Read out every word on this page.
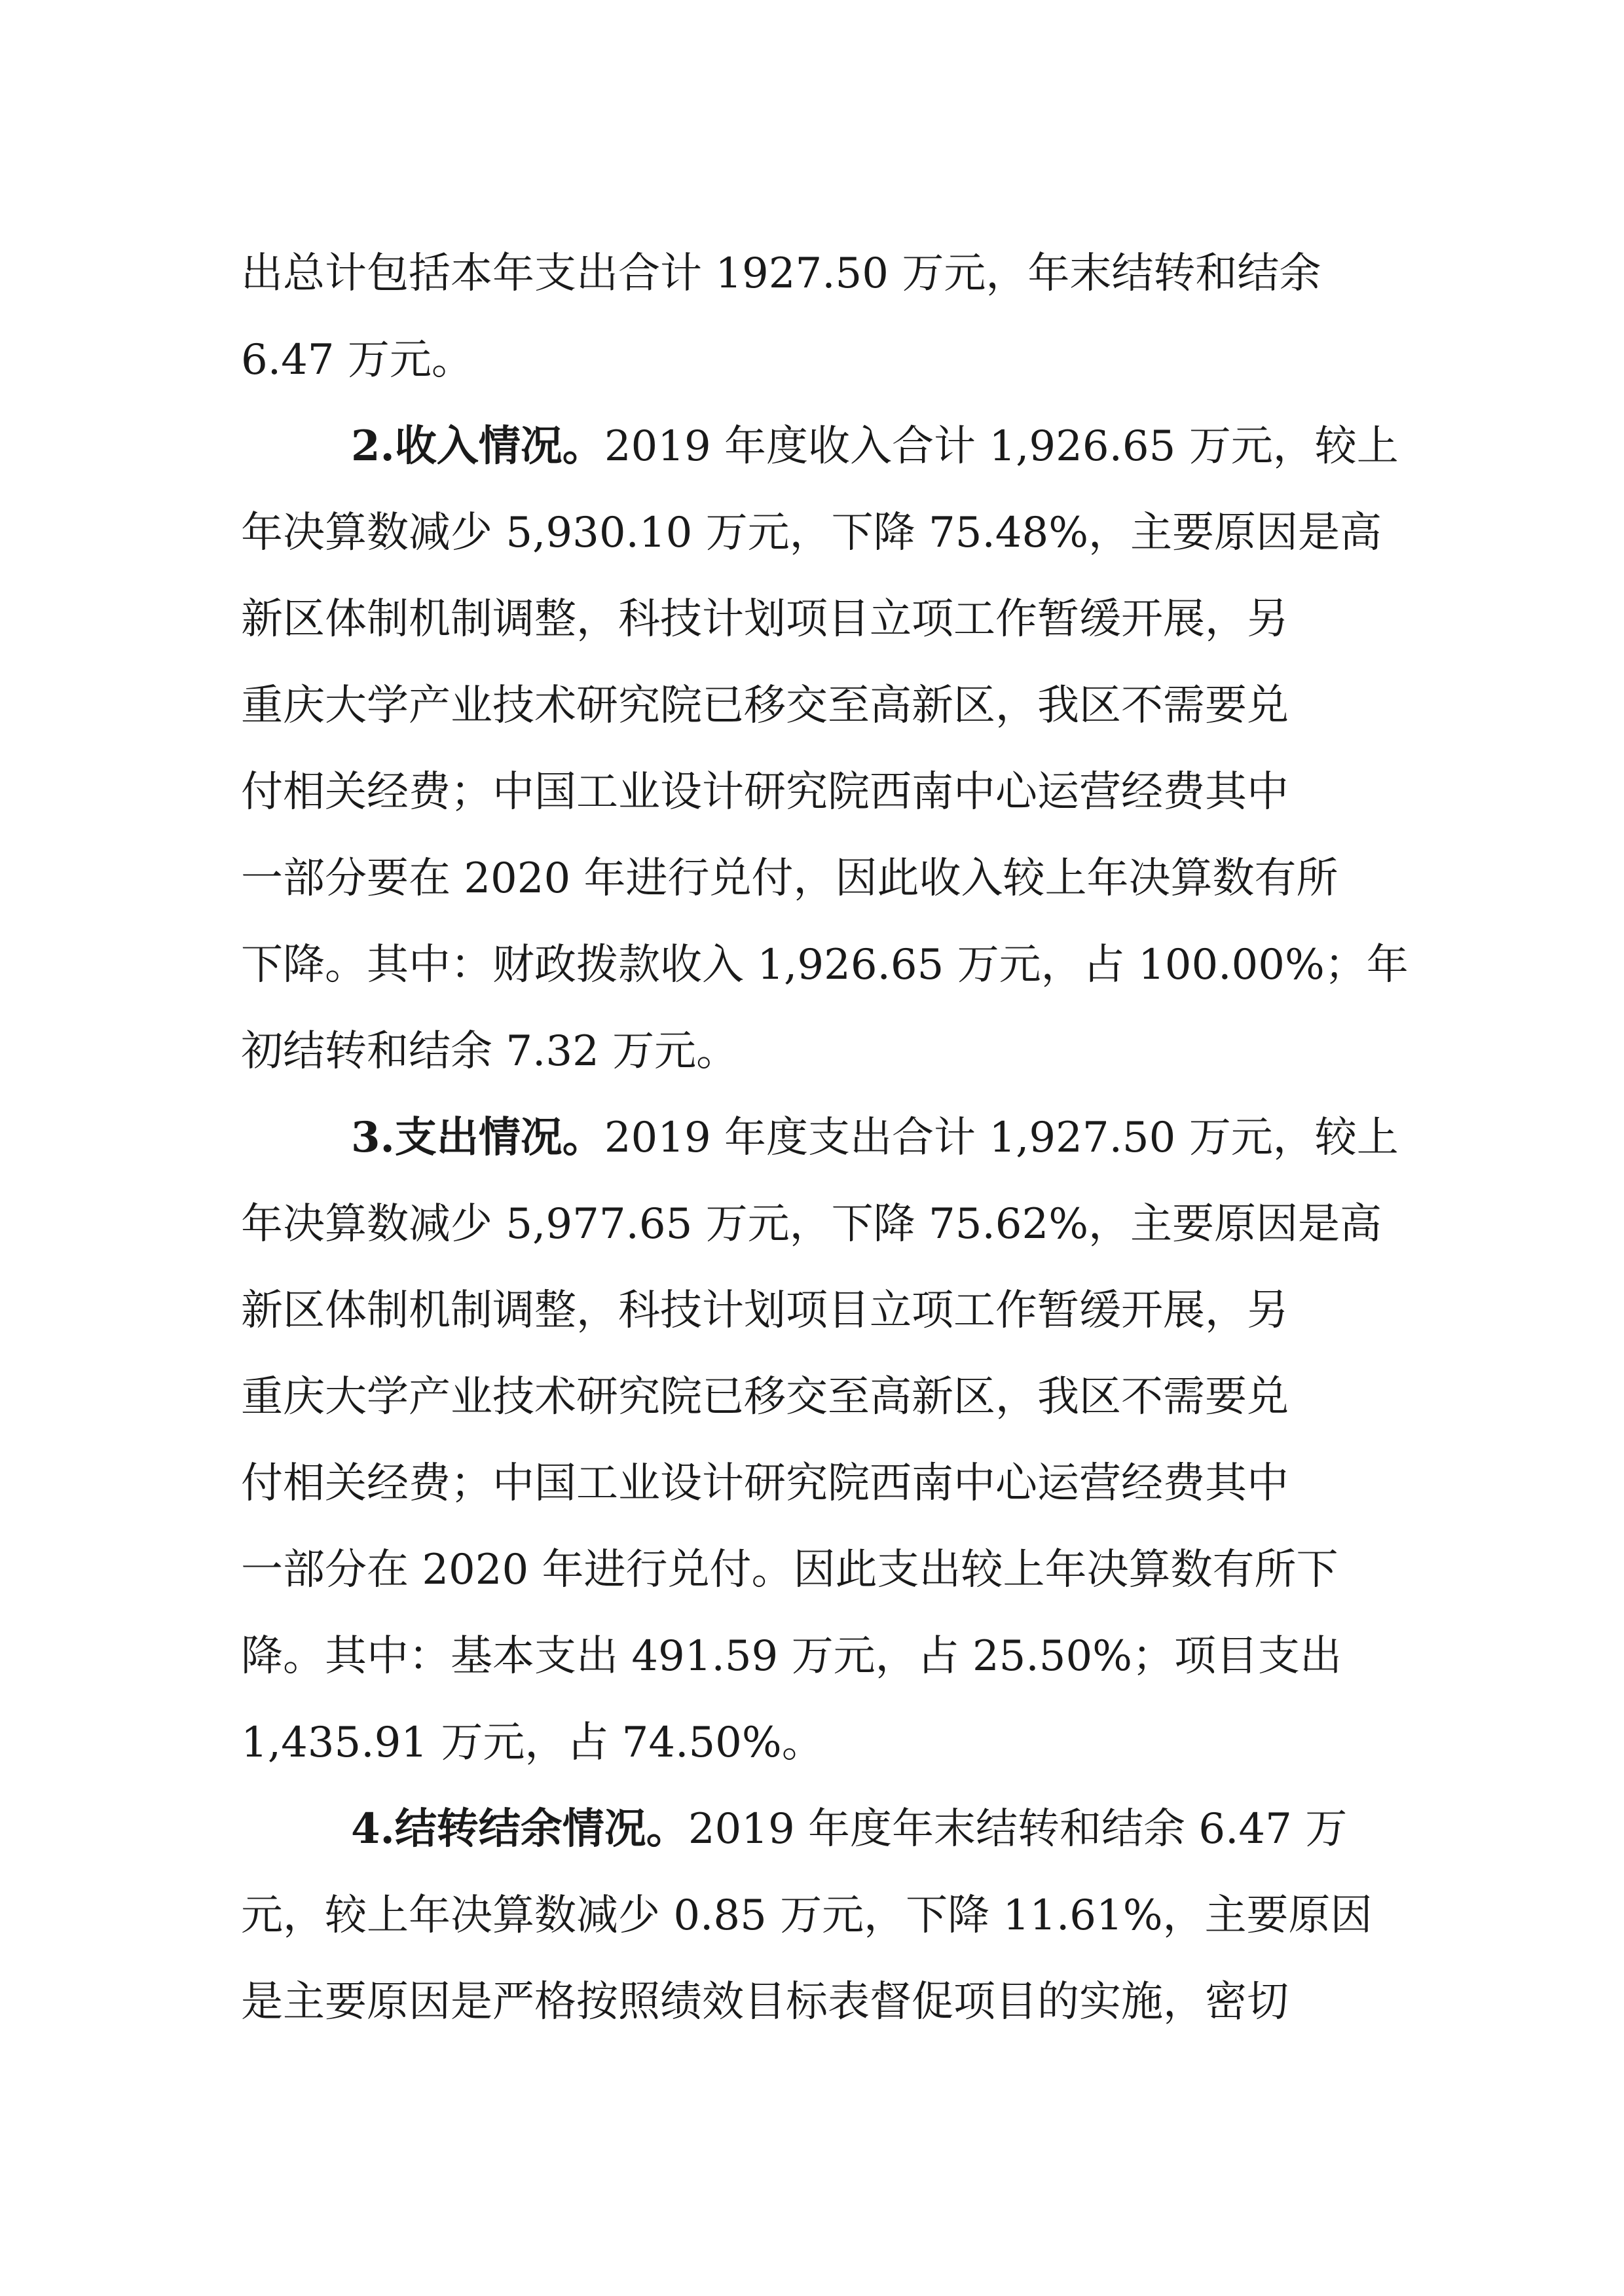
出总计包括本年支出合计 1927.50 万元，年末结转和结余
6.47 万元。
2.收入情况。2019 年度收入合计 1,926.65 万元，较上
年决算数减少 5,930.10 万元，下降 75.48%，主要原因是高
新区体制机制调整，科技计划项目立项工作暂缓开展，另
重庆大学产业技术研究院已移交至高新区，我区不需要兑
付相关经费；中国工业设计研究院西南中心运营经费其中
一部分要在 2020 年进行兑付，因此收入较上年决算数有所
下降。其中：财政拨款收入 1,926.65 万元，占 100.00%；年
初结转和结余 7.32 万元。
3.支出情况。2019 年度支出合计 1,927.50 万元，较上
年决算数减少 5,977.65 万元，下降 75.62%，主要原因是高
新区体制机制调整，科技计划项目立项工作暂缓开展，另
重庆大学产业技术研究院已移交至高新区，我区不需要兑
付相关经费；中国工业设计研究院西南中心运营经费其中
一部分在 2020 年进行兑付。因此支出较上年决算数有所下
降。其中：基本支出 491.59 万元，占 25.50%；项目支出
1,435.91 万元，占 74.50%。
4.结转结余情况。2019 年度年末结转和结余 6.47 万
元，较上年决算数减少 0.85 万元，下降 11.61%，主要原因
是主要原因是严格按照绩效目标表督促项目的实施，密切
